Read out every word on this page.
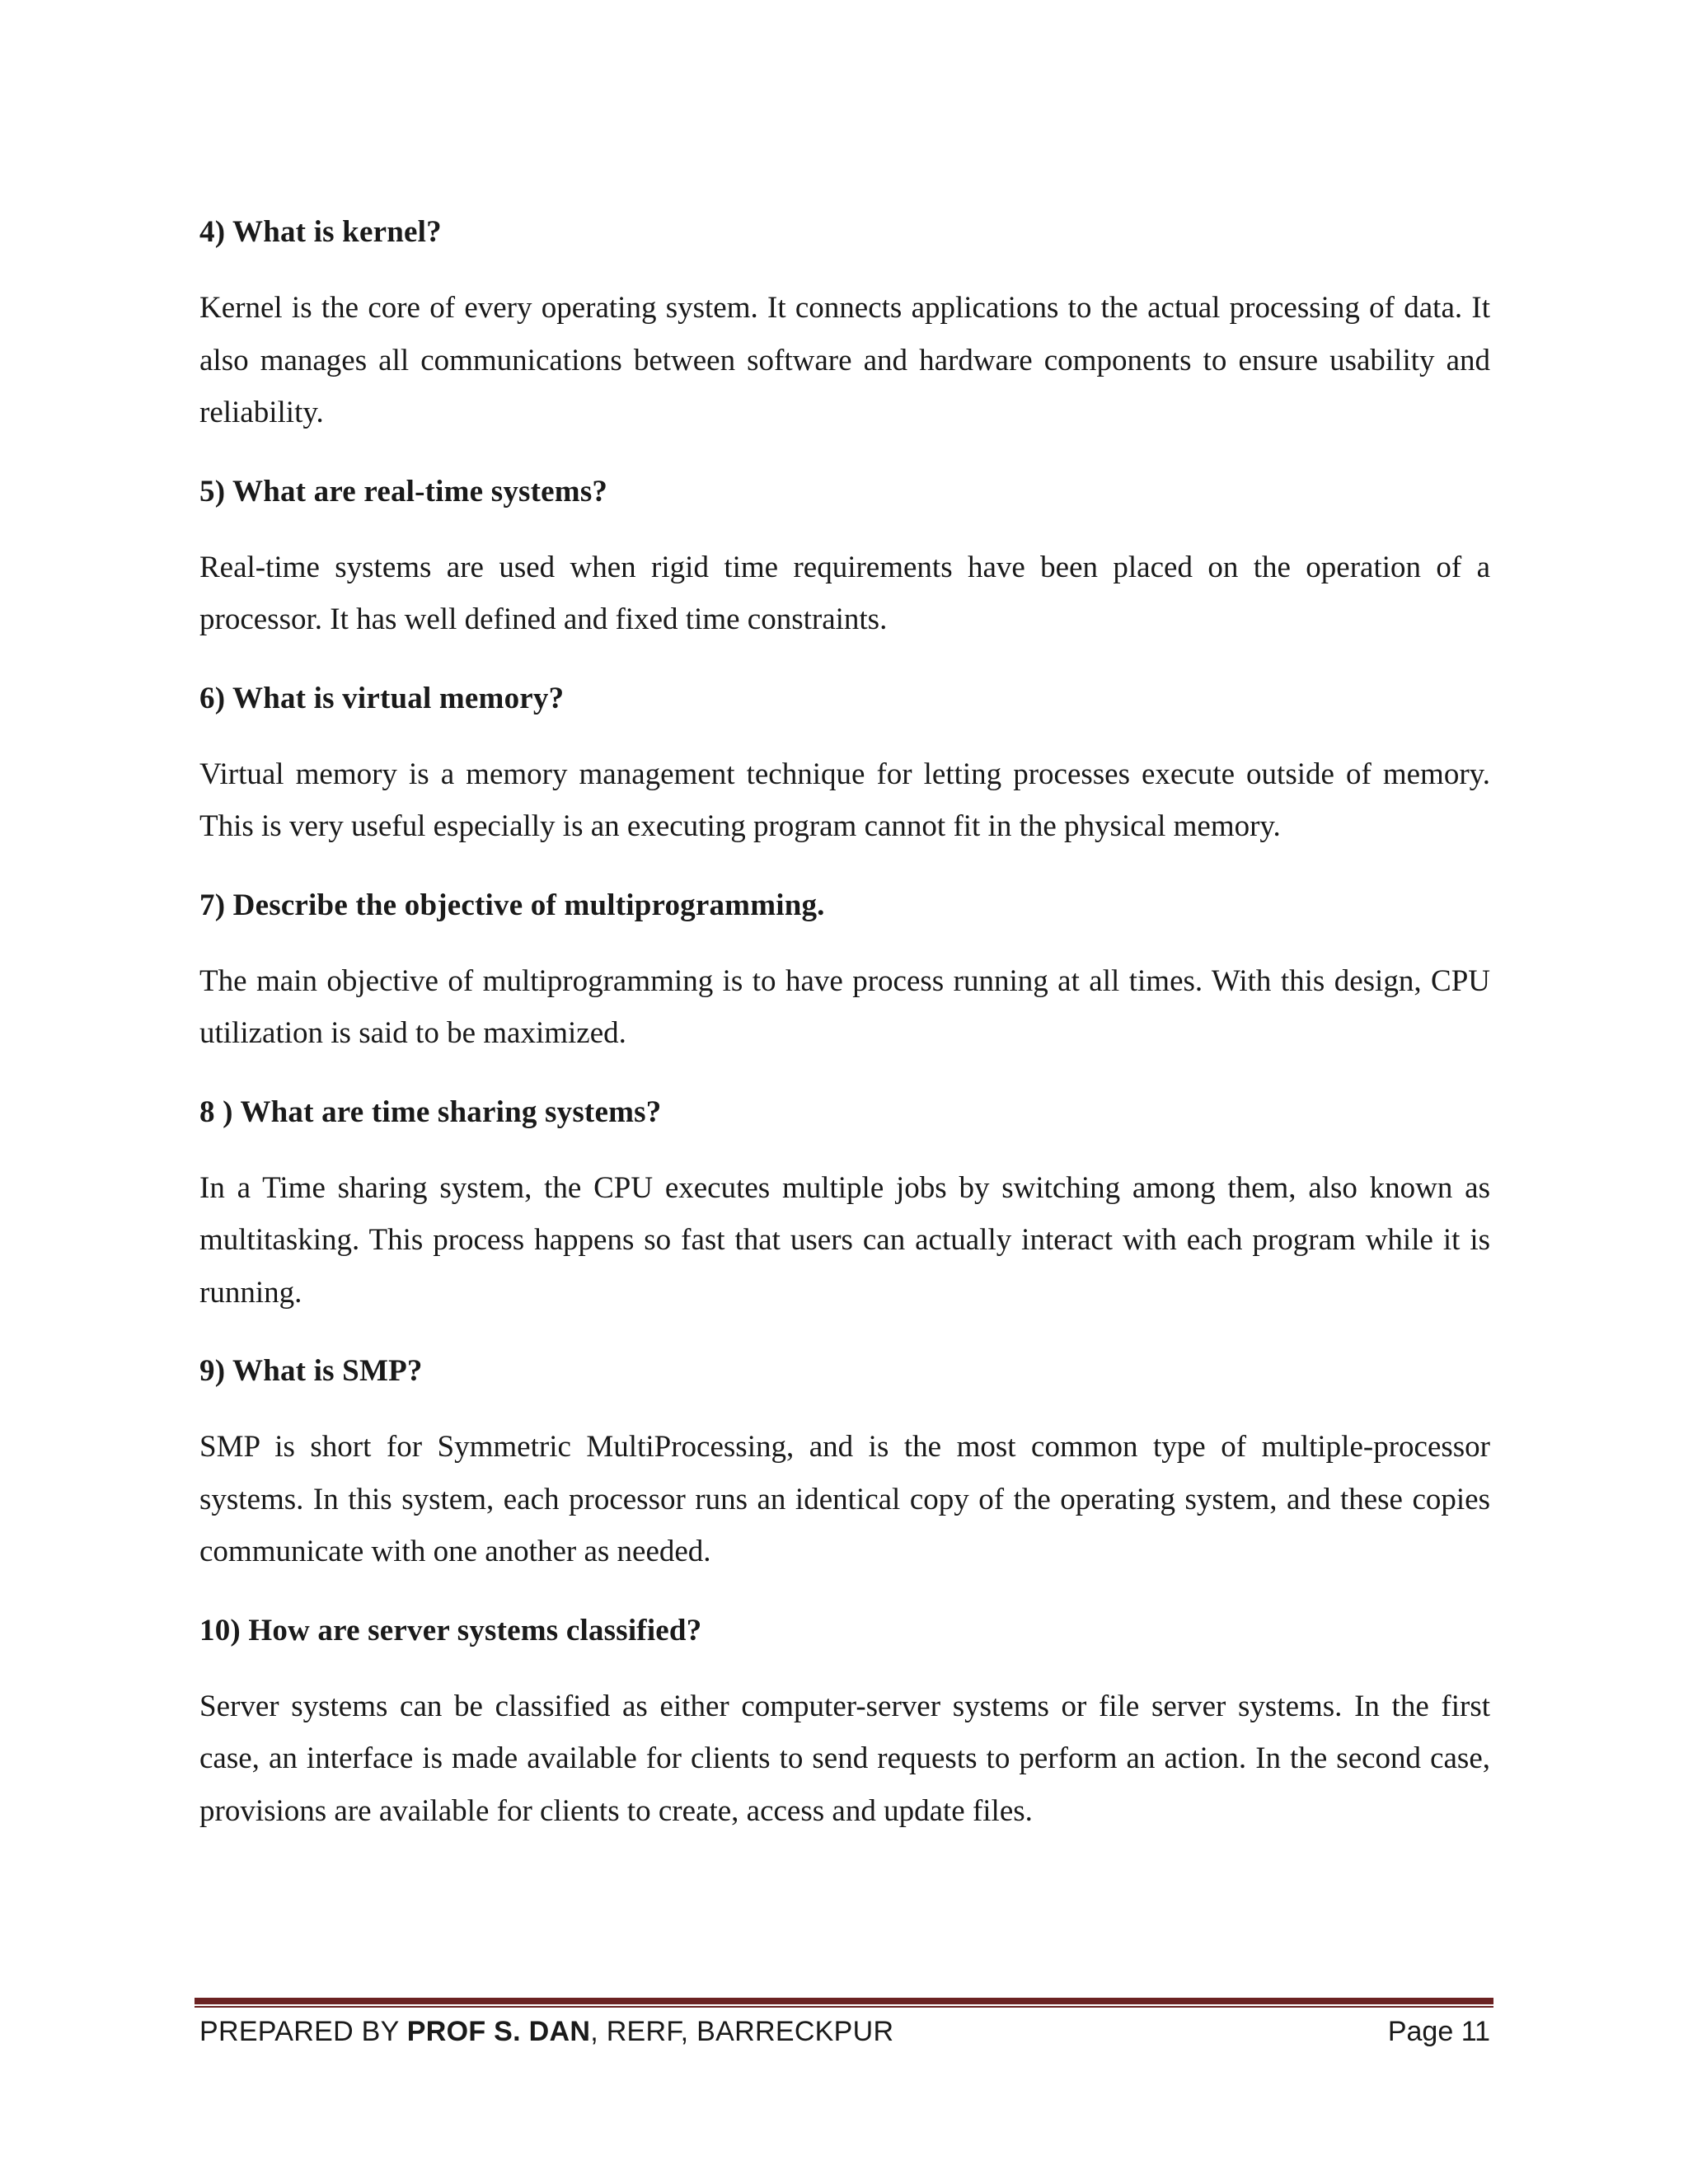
4) What is kernel?

Kernel is the core of every operating system. It connects applications to the actual processing of data. It also manages all communications between software and hardware components to ensure usability and reliability.

5) What are real-time systems?

Real-time systems are used when rigid time requirements have been placed on the operation of a processor. It has well defined and fixed time constraints.

6) What is virtual memory?

Virtual memory is a memory management technique for letting processes execute outside of memory. This is very useful especially is an executing program cannot fit in the physical memory.

7) Describe the objective of multiprogramming.

The main objective of multiprogramming is to have process running at all times. With this design, CPU utilization is said to be maximized.

8 ) What are time sharing systems?

In a Time sharing system, the CPU executes multiple jobs by switching among them, also known as multitasking. This process happens so fast that users can actually interact with each program while it is running.

9) What is SMP?

SMP is short for Symmetric MultiProcessing, and is the most common type of multiple-processor systems. In this system, each processor runs an identical copy of the operating system, and these copies communicate with one another as needed.

10) How are server systems classified?

Server systems can be classified as either computer-server systems or file server systems. In the first case, an interface is made available for clients to send requests to perform an action. In the second case, provisions are available for clients to create, access and update files.

PREPARED BY PROF S. DAN, RERF, BARRECKPUR	Page 11
